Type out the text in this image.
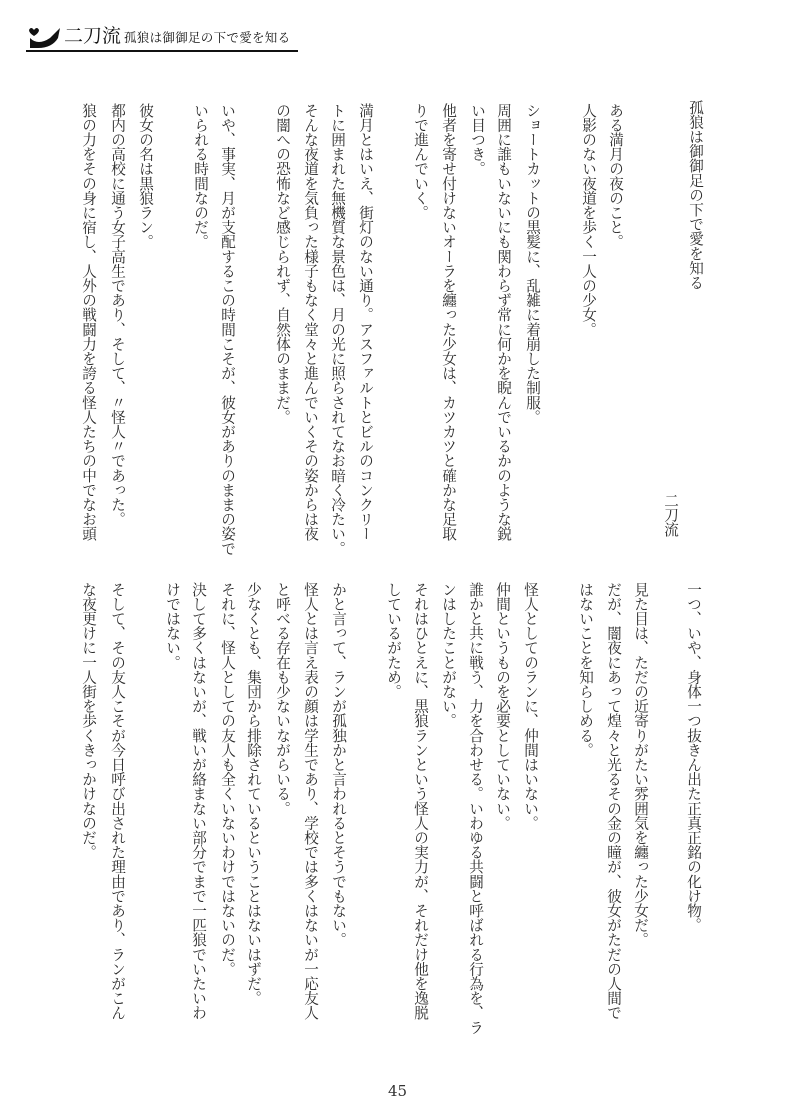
二刀流 孤狼は御御足の下で愛を知る
孤狼は御御足の下で愛を知る
二刀流
ある満月の夜のこと。
人影のない夜道を歩く一人の少女。
ショートカットの黒髪に、乱雑に着崩した制服。
周囲に誰もいないにも関わらず常に何かを睨んでいるかのような鋭
い目つき。
他者を寄せ付けないオーラを纏った少女は、カツカツと確かな足取
りで進んでいく。
満月とはいえ、街灯のない通り。アスファルトとビルのコンクリー
トに囲まれた無機質な景色は、月の光に照らされてなお暗く冷たい。
そんな夜道を気負った様子もなく堂々と進んでいくその姿からは夜
の闇への恐怖など感じられず、自然体のままだ。
いや、事実、月が支配するこの時間こそが、彼女がありのままの姿で
いられる時間なのだ。
彼女の名は黒狼ラン。
都内の高校に通う女子高生であり、そして、〃怪人〃であった。
狼の力をその身に宿し、人外の戦闘力を誇る怪人たちの中でなお頭
一つ、いや、身体一つ抜きん出た正真正銘の化け物。
見た目は、ただの近寄りがたい雰囲気を纏った少女だ。
だが、闇夜にあって煌々と光るその金の瞳が、彼女がただの人間で
はないことを知らしめる。
怪人としてのランに、仲間はいない。
仲間というものを必要としていない。
誰かと共に戦う、力を合わせる。いわゆる共闘と呼ばれる行為を、ラ
ンはしたことがない。
それはひとえに、黒狼ランという怪人の実力が、それだけ他を逸脱
しているがため。
かと言って、ランが孤独かと言われるとそうでもない。
怪人とは言え表の顔は学生であり、学校では多くはないが一応友人
と呼べる存在も少ないながらいる。
少なくとも、集団から排除されているということはないはずだ。
それに、怪人としての友人も全くいないわけではないのだ。
決して多くはないが、戦いが絡まない部分でまで一匹狼でいたいわ
けではない。
そして、その友人こそが今日呼び出された理由であり、ランがこん
な夜更けに一人街を歩くきっかけなのだ。
45
